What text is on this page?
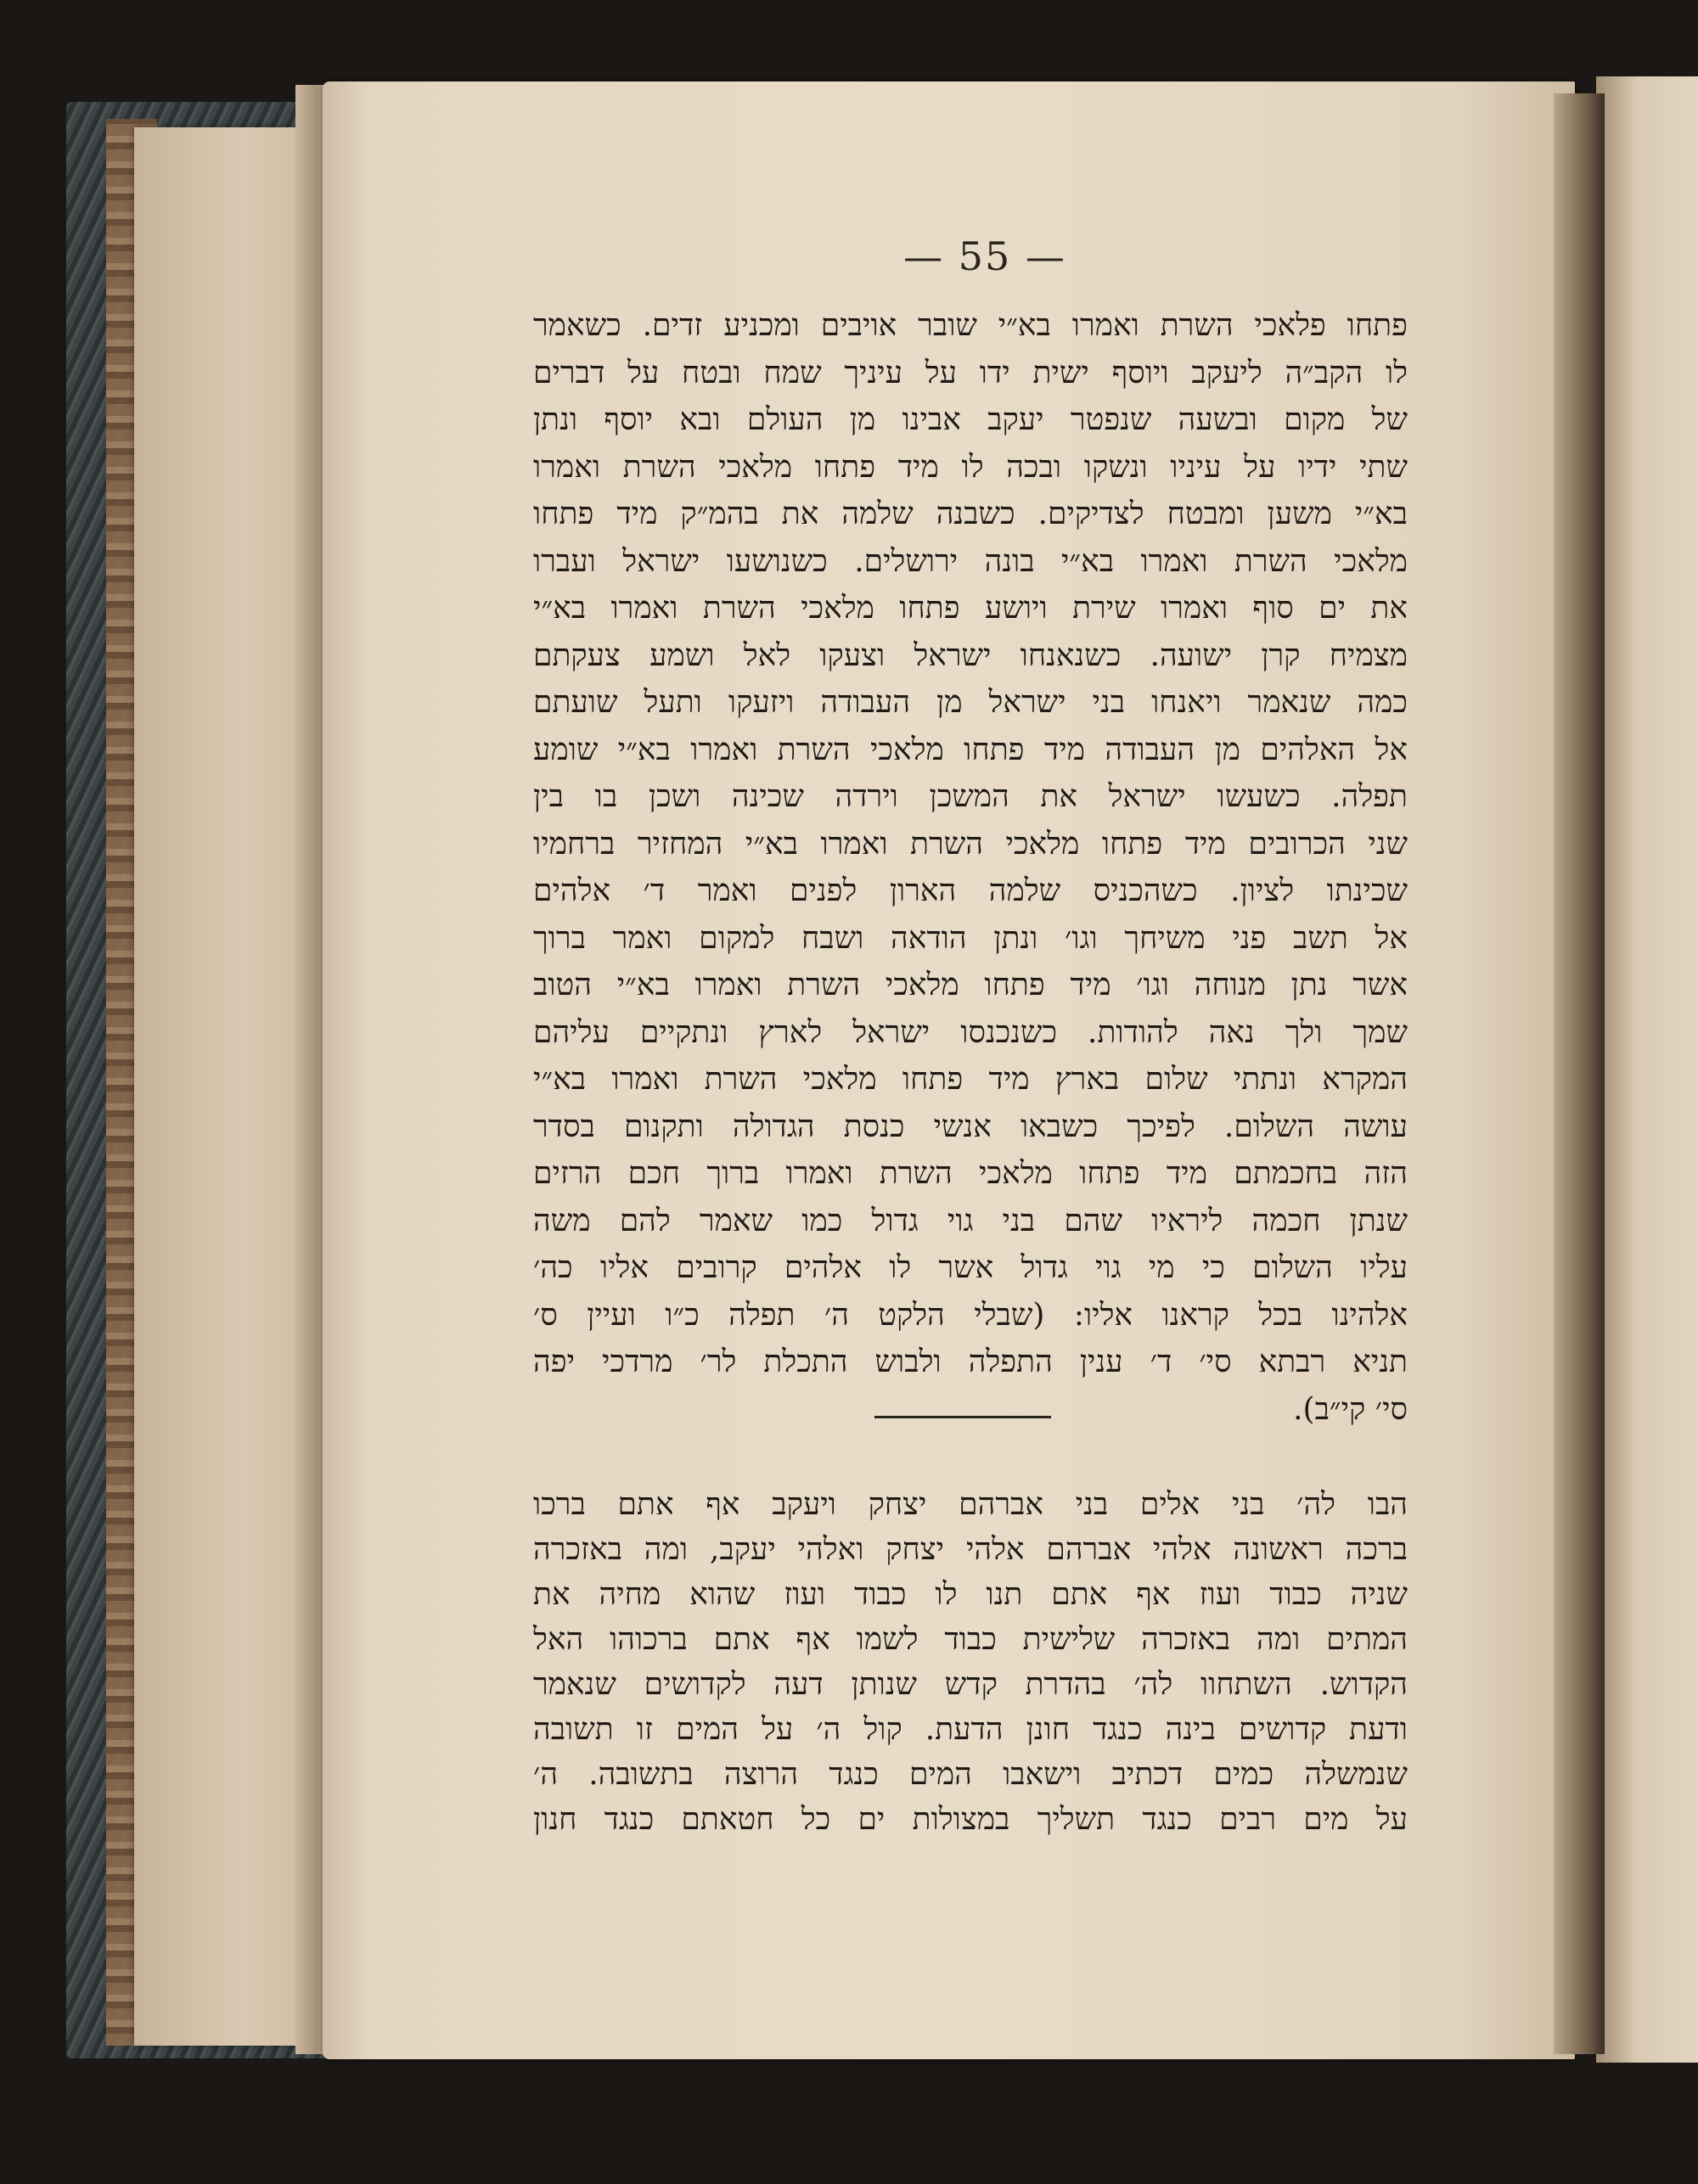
— 55 —
פתחו פלאכי השרת ואמרו בא״י שובר אויבים ומכניע זדים. כשאמר
לו הקב״ה ליעקב ויוסף ישית ידו על עיניך שמח ובטח על דברים
של מקום ובשעה שנפטר יעקב אבינו מן העולם ובא יוסף ונתן
שתי ידיו על עיניו ונשקו ובכה לו מיד פתחו מלאכי השרת ואמרו
בא״י משען ומבטח לצדיקים. כשבנה שלמה את בהמ״ק מיד פתחו
מלאכי השרת ואמרו בא״י בונה ירושלים. כשנושעו ישראל ועברו
את ים סוף ואמרו שירת ויושע פתחו מלאכי השרת ואמרו בא״י
מצמיח קרן ישועה. כשנאנחו ישראל וצעקו לאל ושמע צעקתם
כמה שנאמר ויאנחו בני ישראל מן העבודה ויזעקו ותעל שועתם
אל האלהים מן העבודה מיד פתחו מלאכי השרת ואמרו בא״י שומע
תפלה. כשעשו ישראל את המשכן וירדה שכינה ושכן בו בין
שני הכרובים מיד פתחו מלאכי השרת ואמרו בא״י המחזיר ברחמיו
שכינתו לציון. כשהכניס שלמה הארון לפנים ואמר ד׳ אלהים
אל תשב פני משיחך וגו׳ ונתן הודאה ושבח למקום ואמר ברוך
אשר נתן מנוחה וגו׳ מיד פתחו מלאכי השרת ואמרו בא״י הטוב
שמך ולך נאה להודות. כשנכנסו ישראל לארץ ונתקיים עליהם
המקרא ונתתי שלום בארץ מיד פתחו מלאכי השרת ואמרו בא״י
עושה השלום. לפיכך כשבאו אנשי כנסת הגדולה ותקנום בסדר
הזה בחכמתם מיד פתחו מלאכי השרת ואמרו ברוך חכם הרזים
שנתן חכמה ליראיו שהם בני גוי גדול כמו שאמר להם משה
עליו השלום כי מי גוי גדול אשר לו אלהים קרובים אליו כה׳
אלהינו בכל קראנו אליו: (שבלי הלקט ה׳ תפלה כ״ו ועיין ס׳
תניא רבתא סי׳ ד׳ ענין התפלה ולבוש התכלת לר׳ מרדכי יפה
סי׳ קי״ב).
הבו לה׳ בני אלים בני אברהם יצחק ויעקב אף אתם ברכו
ברכה ראשונה אלהי אברהם אלהי יצחק ואלהי יעקב, ומה באזכרה
שניה כבוד ועוז אף אתם תנו לו כבוד ועוז שהוא מחיה את
המתים ומה באזכרה שלישית כבוד לשמו אף אתם ברכוהו האל
הקדוש. השתחוו לה׳ בהדרת קדש שנותן דעה לקדושים שנאמר
ודעת קדושים בינה כנגד חונן הדעת. קול ה׳ על המים זו תשובה
שנמשלה כמים דכתיב וישאבו המים כנגד הרוצה בתשובה. ה׳
על מים רבים כנגד תשליך במצולות ים כל חטאתם כנגד חנון
